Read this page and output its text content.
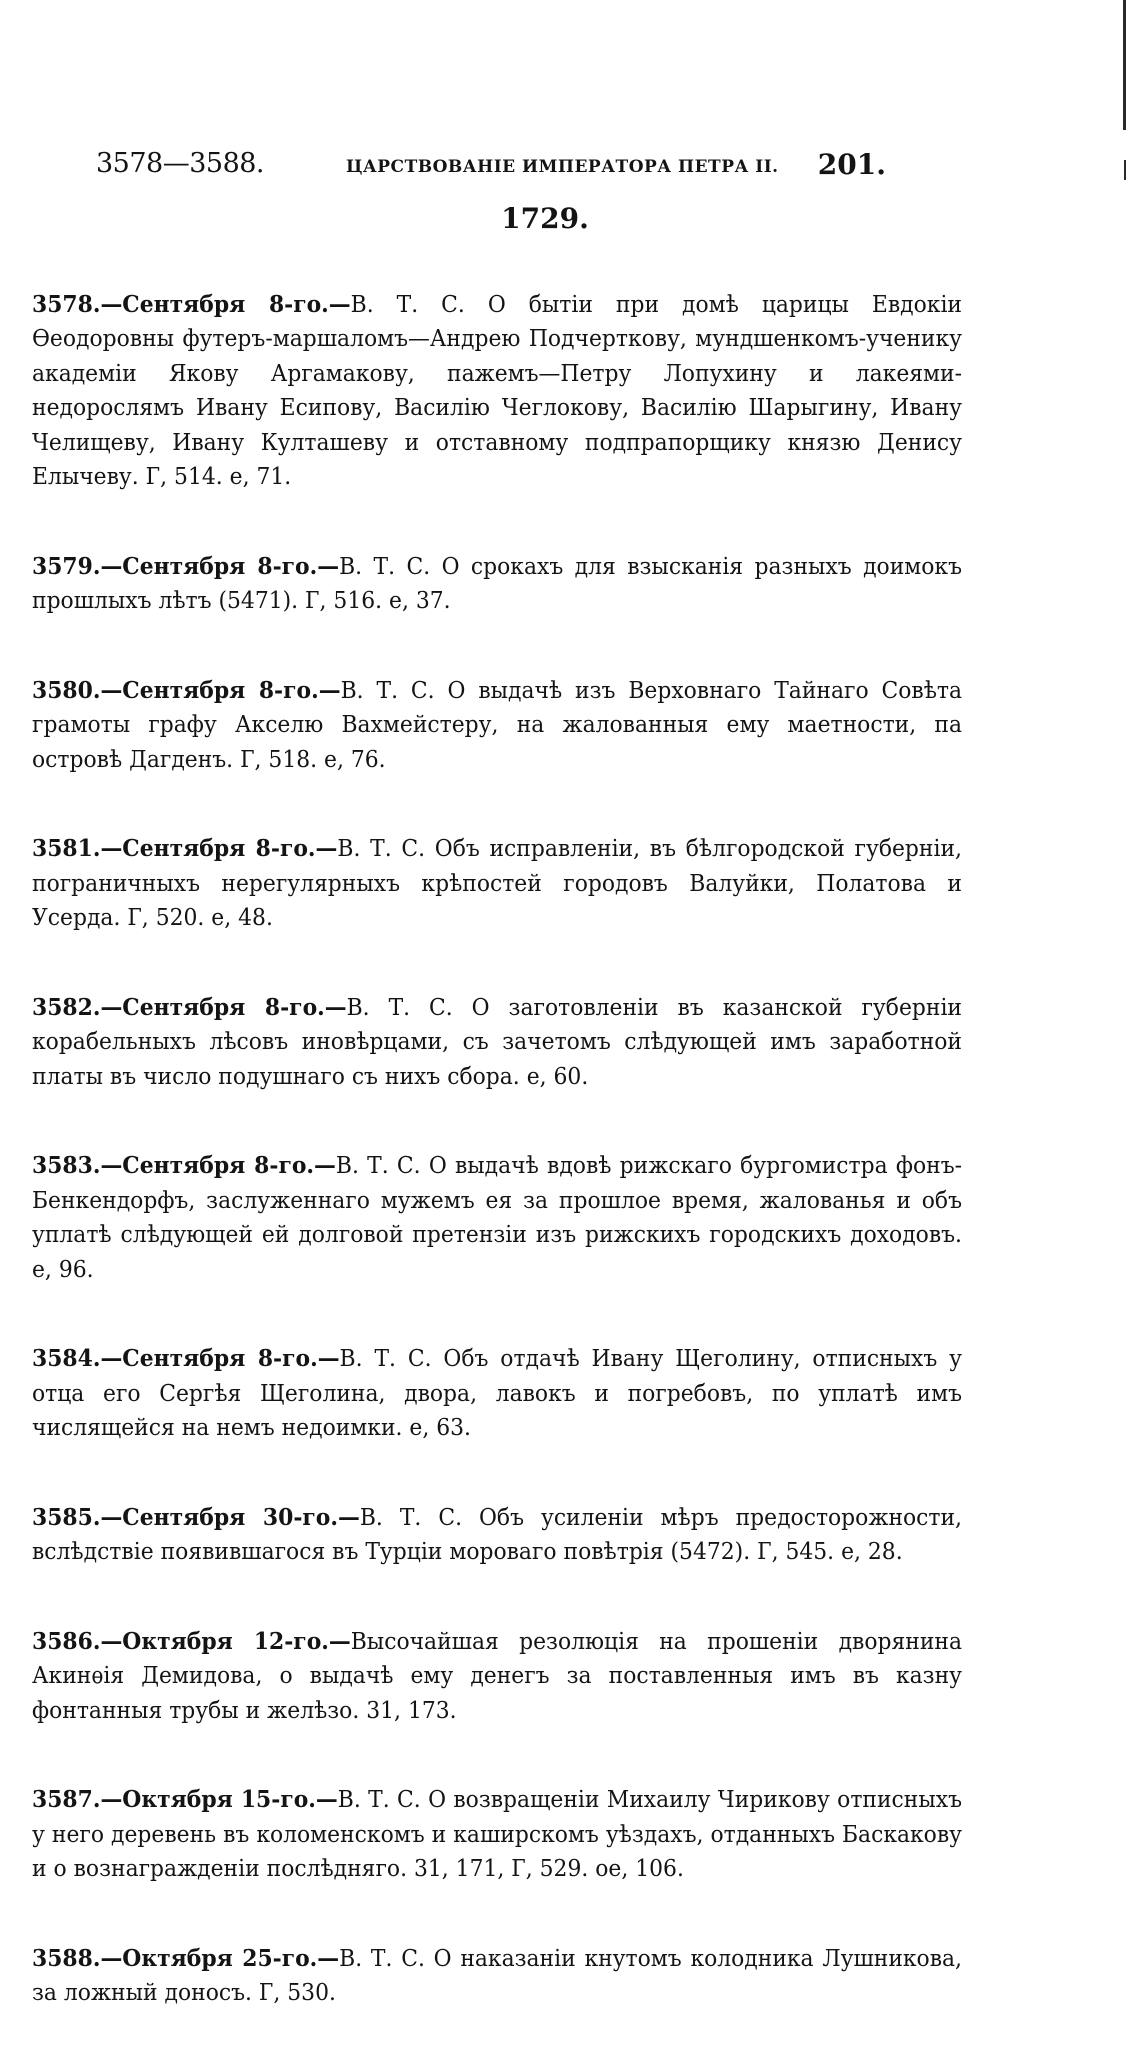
3578—3588.	ЦАРСТВОВАНІЕ ИМПЕРАТОРА ПЕТРА II. 201.
1729.

3578.—Сентября 8-го.—В. Т. С. О бытіи при домѣ царицы Евдокіи Ѳеодоровны футеръ-маршаломъ—Андрею Подчерткову, мундшенкомъ-ученику академіи Якову Аргамакову, пажемъ—Петру Лопухину и лакеями-недорослямъ Ивану Есипову, Василію Чеглокову, Василію Шарыгину, Ивану Челищеву, Ивану Култашеву и отставному подпрапорщику князю Денису Елычеву. Г, 514. е, 71.

3579.—Сентября 8-го.—В. Т. С. О срокахъ для взысканія разныхъ доимокъ прошлыхъ лѣтъ (5471). Г, 516. е, 37.

3580.—Сентября 8-го.—В. Т. С. О выдачѣ изъ Верховнаго Тайнаго Совѣта грамоты графу Акселю Вахмейстеру, на жалованныя ему маетности, па островѣ Дагденъ. Г, 518. е, 76.

3581.—Сентября 8-го.—В. Т. С. Объ исправленіи, въ бѣлгородской губерніи, пограничныхъ нерегулярныхъ крѣпостей городовъ Валуйки, Полатова и Усерда. Г, 520. е, 48.

3582.—Сентября 8-го.—В. Т. С. О заготовленіи въ казанской губерніи корабельныхъ лѣсовъ иновѣрцами, съ зачетомъ слѣдующей имъ заработной платы въ число подушнаго съ нихъ сбора. е, 60.

3583.—Сентября 8-го.—В. Т. С. О выдачѣ вдовѣ рижскаго бургомистра фонъ-Бенкендорфъ, заслуженнаго мужемъ ея за прошлое время, жалованья и объ уплатѣ слѣдующей ей долговой претензіи изъ рижскихъ городскихъ доходовъ. е, 96.

3584.—Сентября 8-го.—В. Т. С. Объ отдачѣ Ивану Щеголину, отписныхъ у отца его Сергѣя Щеголина, двора, лавокъ и погребовъ, по уплатѣ имъ числящейся на немъ недоимки. е, 63.

3585.—Сентября 30-го.—В. Т. С. Объ усиленіи мѣръ предосторожности, вслѣдствіе появившагося въ Турціи мороваго повѣтрія (5472). Г, 545. е, 28.

3586.—Октября 12-го.—Высочайшая резолюція на прошеніи дворянина Акинѳія Демидова, о выдачѣ ему денегъ за поставленныя имъ въ казну фонтанныя трубы и желѣзо. 31, 173.

3587.—Октября 15-го.—В. Т. С. О возвращеніи Михаилу Чирикову отписныхъ у него деревень въ коломенскомъ и каширскомъ уѣздахъ, отданныхъ Баскакову и о вознагражденіи послѣдняго. 31, 171, Г, 529. ое, 106.

3588.—Октября 25-го.—В. Т. С. О наказаніи кнутомъ колодника Лушникова, за ложный доносъ. Г, 530.
